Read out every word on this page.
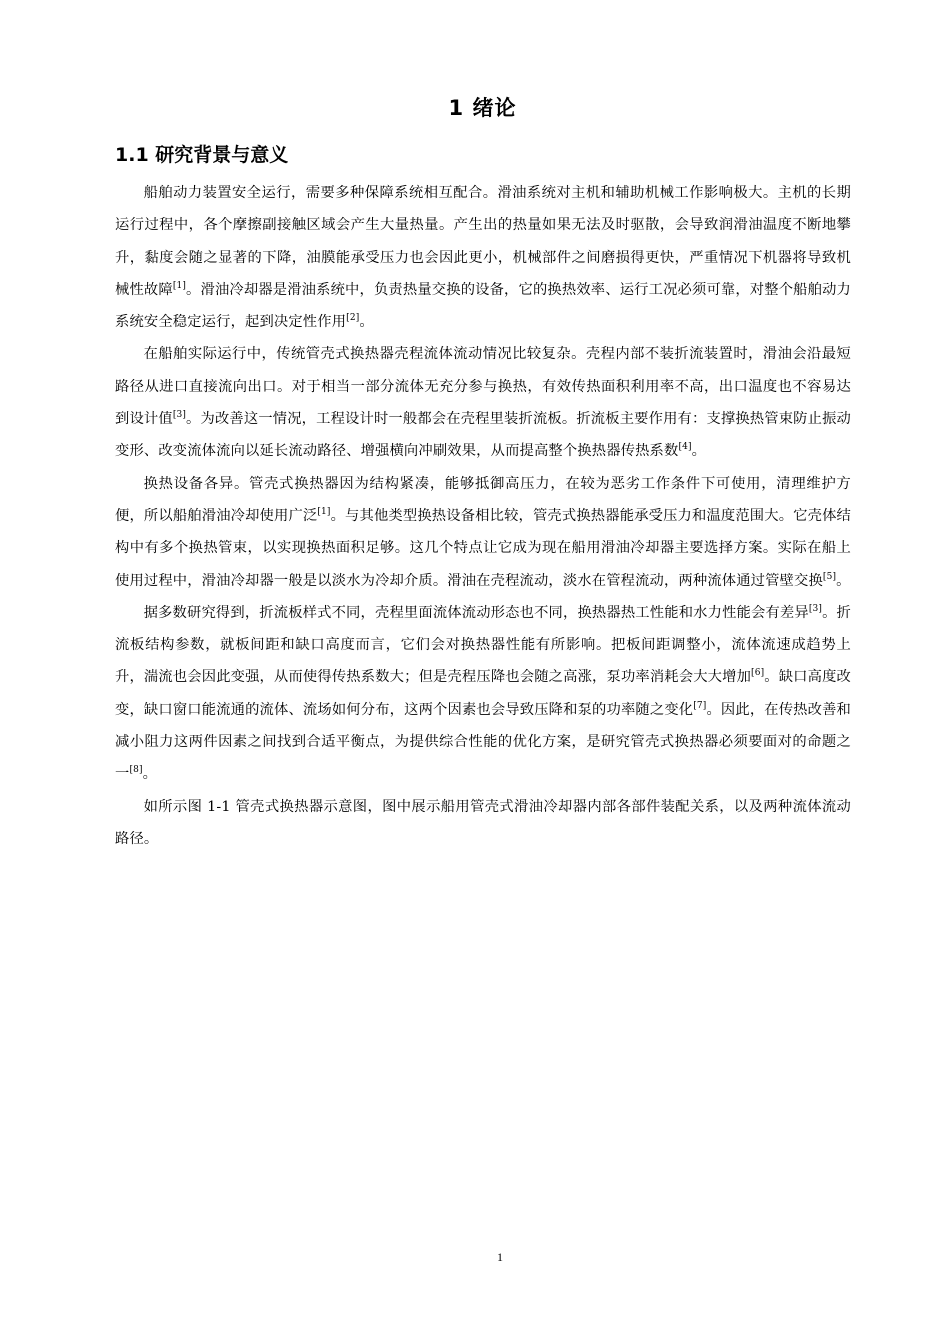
1 绪论
1.1 研究背景与意义

船舶动力装置安全运行，需要多种保障系统相互配合。滑油系统对主机和辅助机械工作影响极大。主机的长期运行过程中，各个摩擦副接触区域会产生大量热量。产生出的热量如果无法及时驱散，会导致润滑油温度不断地攀升，黏度会随之显著的下降，油膜能承受压力也会因此更小，机械部件之间磨损得更快，严重情况下机器将导致机械性故障[1]。滑油冷却器是滑油系统中，负责热量交换的设备，它的换热效率、运行工况必须可靠，对整个船舶动力系统安全稳定运行，起到决定性作用[2]。

在船舶实际运行中，传统管壳式换热器壳程流体流动情况比较复杂。壳程内部不装折流装置时，滑油会沿最短路径从进口直接流向出口。对于相当一部分流体无充分参与换热，有效传热面积利用率不高，出口温度也不容易达到设计值[3]。为改善这一情况，工程设计时一般都会在壳程里装折流板。折流板主要作用有：支撑换热管束防止振动变形、改变流体流向以延长流动路径、增强横向冲刷效果，从而提高整个换热器传热系数[4]。

换热设备各异。管壳式换热器因为结构紧凑，能够抵御高压力，在较为恶劣工作条件下可使用，清理维护方便，所以船舶滑油冷却使用广泛[1]。与其他类型换热设备相比较，管壳式换热器能承受压力和温度范围大。它壳体结构中有多个换热管束，以实现换热面积足够。这几个特点让它成为现在船用滑油冷却器主要选择方案。实际在船上使用过程中，滑油冷却器一般是以淡水为冷却介质。滑油在壳程流动，淡水在管程流动，两种流体通过管壁交换[5]。

据多数研究得到，折流板样式不同，壳程里面流体流动形态也不同，换热器热工性能和水力性能会有差异[3]。折流板结构参数，就板间距和缺口高度而言，它们会对换热器性能有所影响。把板间距调整小，流体流速成趋势上升，湍流也会因此变强，从而使得传热系数大；但是壳程压降也会随之高涨，泵功率消耗会大大增加[6]。缺口高度改变，缺口窗口能流通的流体、流场如何分布，这两个因素也会导致压降和泵的功率随之变化[7]。因此，在传热改善和减小阻力这两件因素之间找到合适平衡点，为提供综合性能的优化方案，是研究管壳式换热器必须要面对的命题之一[8]。

如所示图 1-1 管壳式换热器示意图，图中展示船用管壳式滑油冷却器内部各部件装配关系，以及两种流体流动路径。

1
